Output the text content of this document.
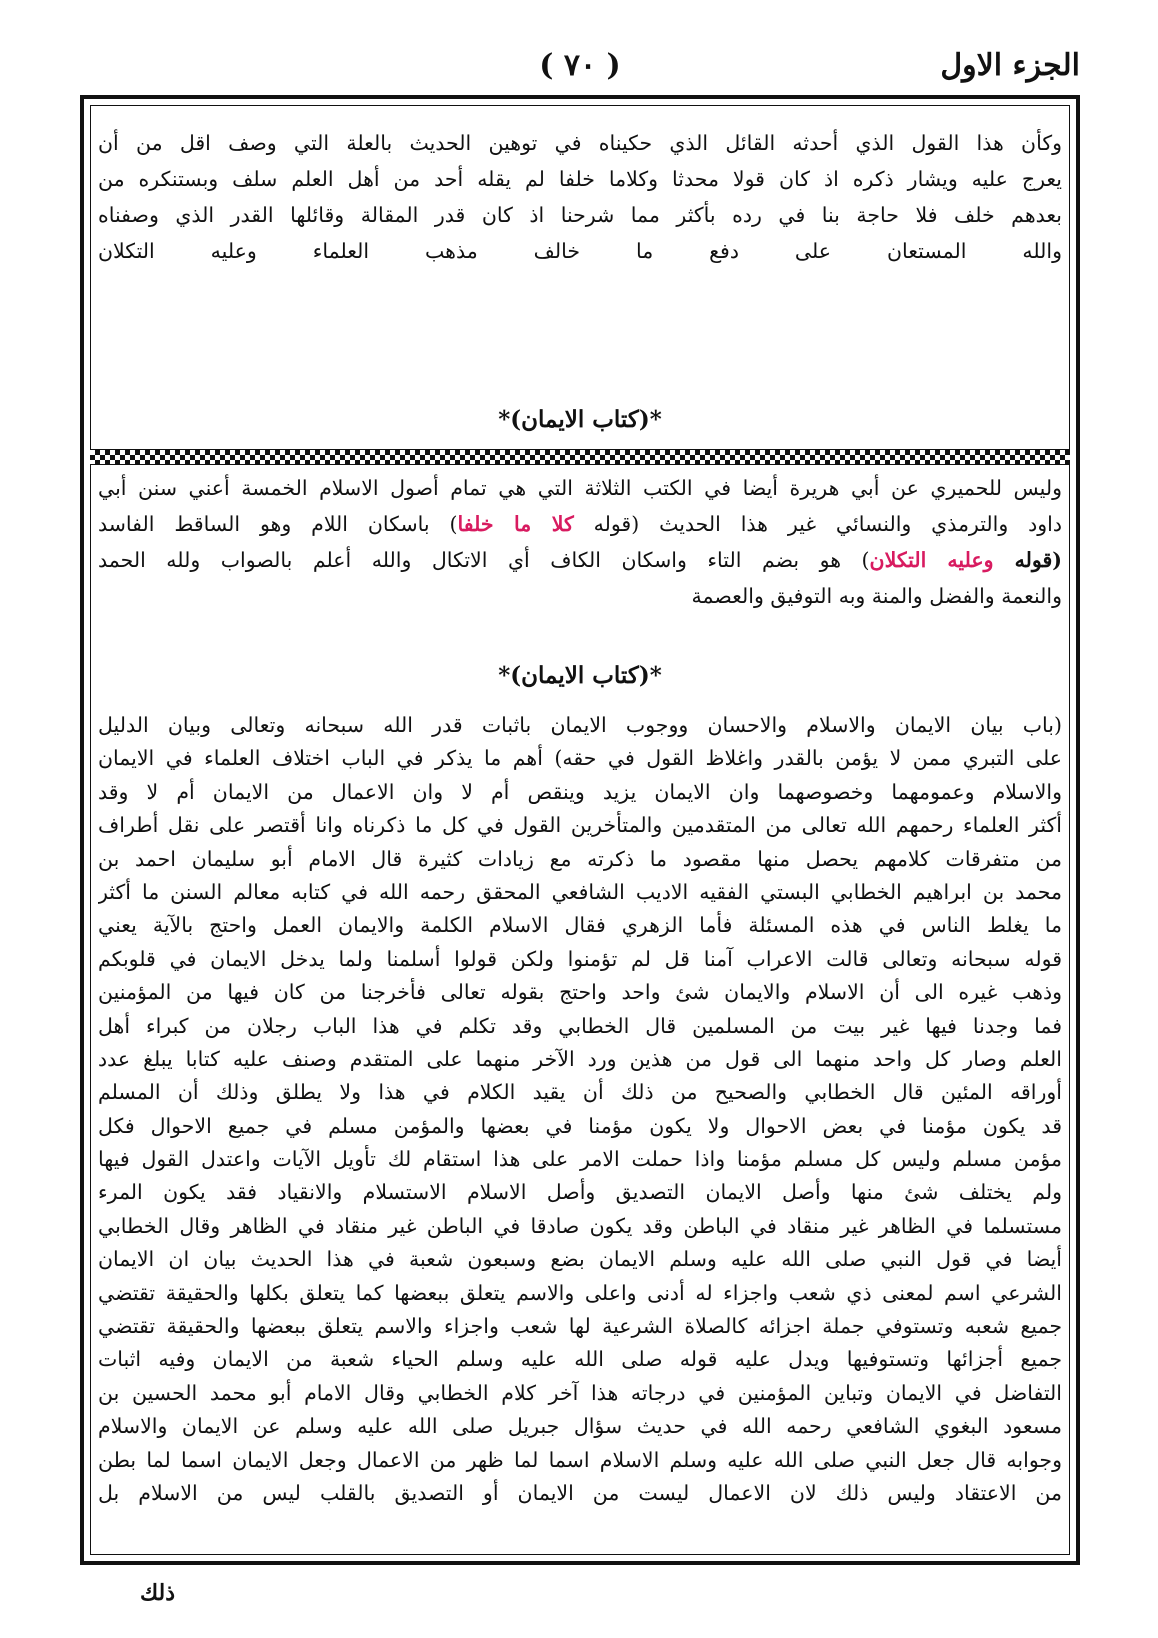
الجزء الاول
( ٧٠ )

وكأن هذا القول الذي أحدثه القائل الذي حكيناه في توهين الحديث بالعلة التي وصف اقل من أن

يعرج عليه ويشار ذكره اذ كان قولا محدثا وكلاما خلفا لم يقله أحد من أهل العلم سلف وبستنكره من

بعدهم خلف فلا حاجة بنا في رده بأكثر مما شرحنا اذ كان قدر المقالة وقائلها القدر الذي وصفناه

والله المستعان على دفع ما خالف مذهب العلماء وعليه التكلان

*(كتاب الايمان)*

وليس للحميري عن أبي هريرة أيضا في الكتب الثلاثة التي هي تمام أصول الاسلام الخمسة أعني سنن أبي

داود والترمذي والنسائي غير هذا الحديث (قوله كلا ما خلفا) باسكان اللام وهو الساقط الفاسد

(قوله وعليه التكلان) هو بضم التاء واسكان الكاف أي الاتكال والله أعلم بالصواب ولله الحمد

والنعمة والفضل والمنة وبه التوفيق والعصمة

*(كتاب الايمان)*

(باب بيان الايمان والاسلام والاحسان ووجوب الايمان باثبات قدر الله سبحانه وتعالى وبيان الدليل

على التبري ممن لا يؤمن بالقدر واغلاظ القول في حقه) أهم ما يذكر في الباب اختلاف العلماء في الايمان

والاسلام وعمومهما وخصوصهما وان الايمان يزيد وينقص أم لا وان الاعمال من الايمان أم لا وقد

أكثر العلماء رحمهم الله تعالى من المتقدمين والمتأخرين القول في كل ما ذكرناه وانا أقتصر على نقل أطراف

من متفرقات كلامهم يحصل منها مقصود ما ذكرته مع زيادات كثيرة قال الامام أبو سليمان احمد بن

محمد بن ابراهيم الخطابي البستي الفقيه الاديب الشافعي المحقق رحمه الله في كتابه معالم السنن ما أكثر

ما يغلط الناس في هذه المسئلة فأما الزهري فقال الاسلام الكلمة والايمان العمل واحتج بالآية يعني

قوله سبحانه وتعالى قالت الاعراب آمنا قل لم تؤمنوا ولكن قولوا أسلمنا ولما يدخل الايمان في قلوبكم

وذهب غيره الى أن الاسلام والايمان شئ واحد واحتج بقوله تعالى فأخرجنا من كان فيها من المؤمنين

فما وجدنا فيها غير بيت من المسلمين قال الخطابي وقد تكلم في هذا الباب رجلان من كبراء أهل

العلم وصار كل واحد منهما الى قول من هذين ورد الآخر منهما على المتقدم وصنف عليه كتابا يبلغ عدد

أوراقه المئين قال الخطابي والصحيح من ذلك أن يقيد الكلام في هذا ولا يطلق وذلك أن المسلم

قد يكون مؤمنا في بعض الاحوال ولا يكون مؤمنا في بعضها والمؤمن مسلم في جميع الاحوال فكل

مؤمن مسلم وليس كل مسلم مؤمنا واذا حملت الامر على هذا استقام لك تأويل الآيات واعتدل القول فيها

ولم يختلف شئ منها وأصل الايمان التصديق وأصل الاسلام الاستسلام والانقياد فقد يكون المرء

مستسلما في الظاهر غير منقاد في الباطن وقد يكون صادقا في الباطن غير منقاد في الظاهر وقال الخطابي

أيضا في قول النبي صلى الله عليه وسلم الايمان بضع وسبعون شعبة في هذا الحديث بيان ان الايمان

الشرعي اسم لمعنى ذي شعب واجزاء له أدنى واعلى والاسم يتعلق ببعضها كما يتعلق بكلها والحقيقة تقتضي

جميع شعبه وتستوفي جملة اجزائه كالصلاة الشرعية لها شعب واجزاء والاسم يتعلق ببعضها والحقيقة تقتضي

جميع أجزائها وتستوفيها ويدل عليه قوله صلى الله عليه وسلم الحياء شعبة من الايمان وفيه اثبات

التفاضل في الايمان وتباين المؤمنين في درجاته هذا آخر كلام الخطابي وقال الامام أبو محمد الحسين بن

مسعود البغوي الشافعي رحمه الله في حديث سؤال جبريل صلى الله عليه وسلم عن الايمان والاسلام

وجوابه قال جعل النبي صلى الله عليه وسلم الاسلام اسما لما ظهر من الاعمال وجعل الايمان اسما لما بطن

من الاعتقاد وليس ذلك لان الاعمال ليست من الايمان أو التصديق بالقلب ليس من الاسلام بل

ذلك
